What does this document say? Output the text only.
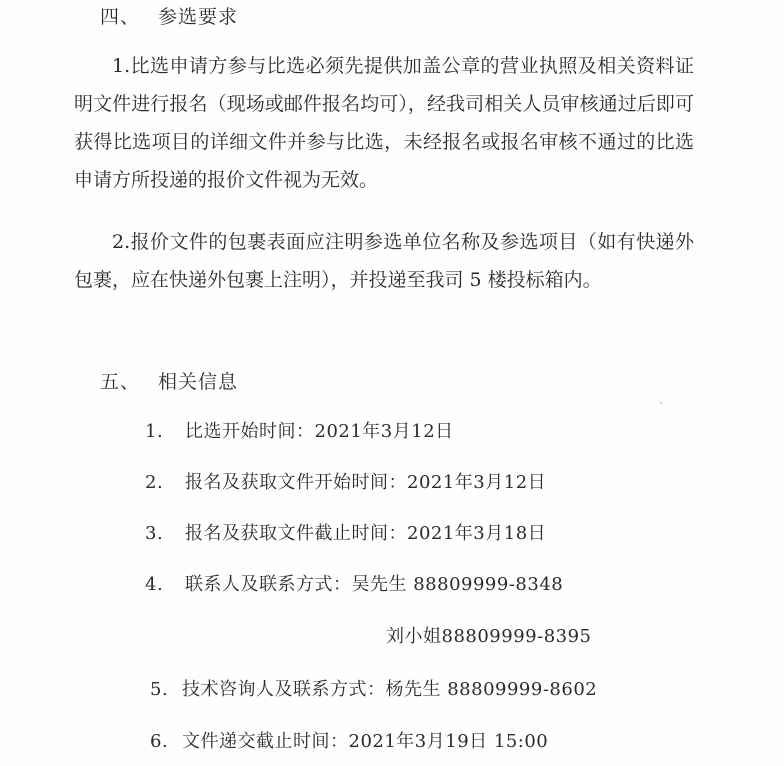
四、 参选要求
1.比选申请方参与比选必须先提供加盖公章的营业执照及相关资料证明文件进行报名（现场或邮件报名均可），经我司相关人员审核通过后即可获得比选项目的详细文件并参与比选，未经报名或报名审核不通过的比选申请方所投递的报价文件视为无效。
2.报价文件的包裹表面应注明参选单位名称及参选项目（如有快递外包裹，应在快递外包裹上注明），并投递至我司 5 楼投标箱内。
五、 相关信息
1. 比选开始时间：2021年3月12日
2. 报名及获取文件开始时间：2021年3月12日
3. 报名及获取文件截止时间：2021年3月18日
4. 联系人及联系方式：吴先生 88809999-8348
刘小姐88809999-8395
5. 技术咨询人及联系方式：杨先生 88809999-8602
6. 文件递交截止时间：2021年3月19日 15:00
